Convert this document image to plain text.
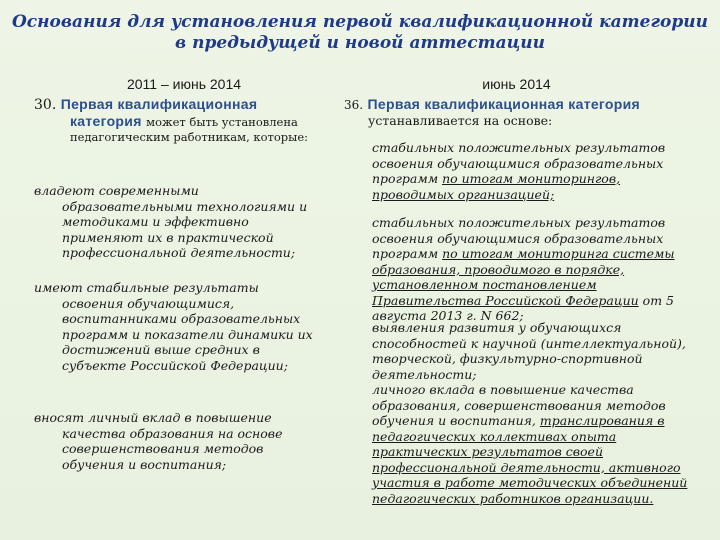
Основания для установления первой квалификационной категории
в предыдущей и новой аттестации
2011 – июнь 2014
30. Первая квалификационная
категория может быть установлена
педагогическим работникам, которые:
владеют современными
образовательными технологиями и методиками и эффективно применяют их в практической профессиональной деятельности;
имеют стабильные результаты
освоения обучающимися, воспитанниками образовательных программ и показатели динамики их достижений выше средних в субъекте Российской Федерации;
вносят личный вклад в повышение
качества образования на основе совершенствования методов обучения и воспитания;
июнь 2014
36. Первая квалификационная категория
устанавливается на основе:
стабильных положительных результатов освоения обучающимися образовательных программ по итогам мониторингов, проводимых организацией;
стабильных положительных результатов освоения обучающимися образовательных программ по итогам мониторинга системы образования, проводимого в порядке, установленном постановлением Правительства Российской Федерации от 5 августа 2013 г. N 662;
выявления развития у обучающихся способностей к научной (интеллектуальной), творческой, физкультурно-спортивной деятельности;
личного вклада в повышение качества образования, совершенствования методов обучения и воспитания, транслирования в педагогических коллективах опыта практических результатов своей профессиональной деятельности, активного участия в работе методических объединений педагогических работников организации.
